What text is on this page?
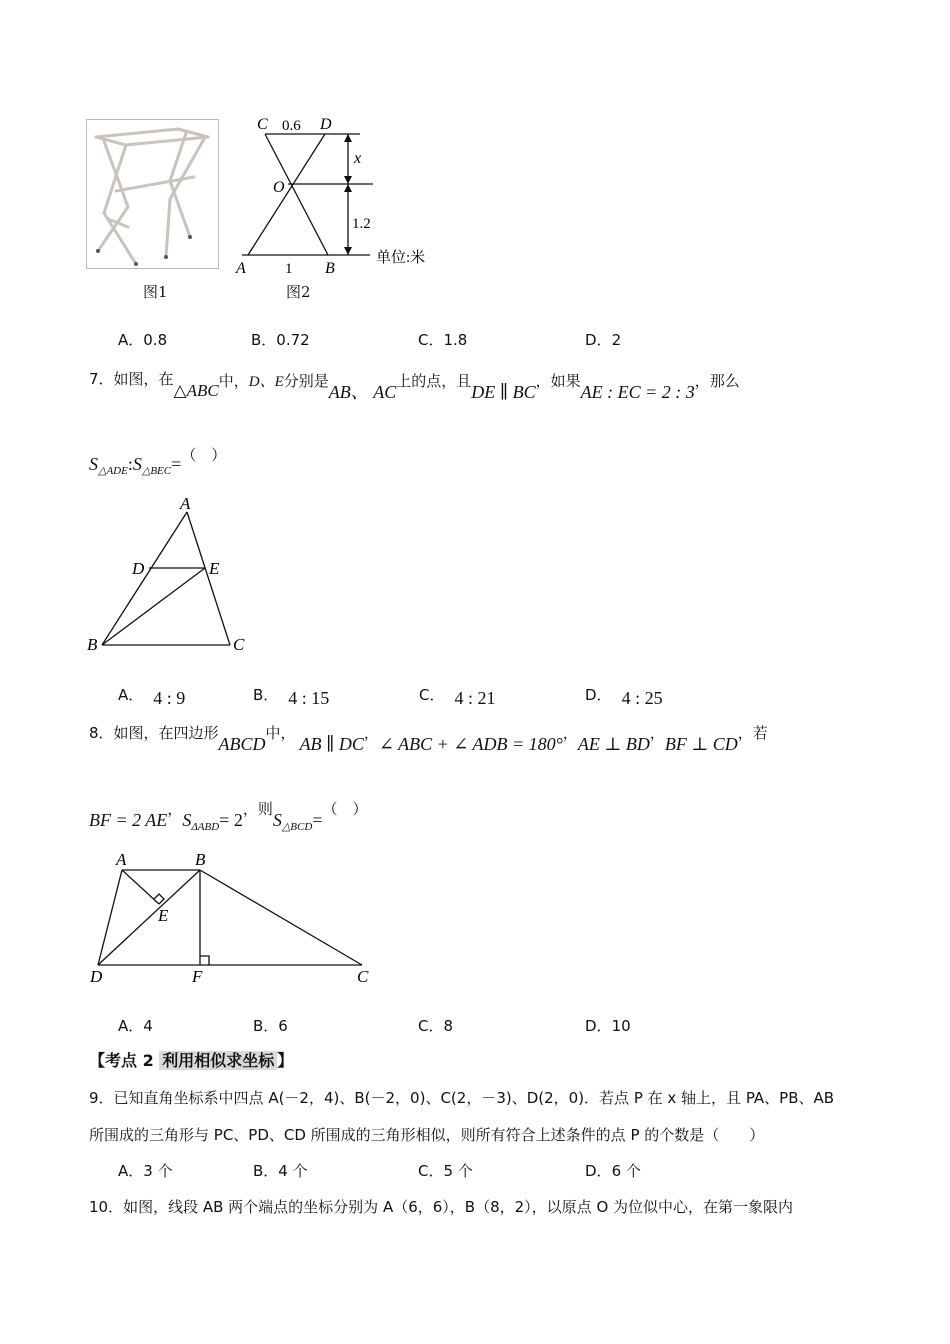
图1
C 0.6 D
x
O
1.2
A	1 B
单位:米
图2
A．0.8	B．0.72	C．1.8	D．2
7．如图，在△ABC中，D、E分别是AB、 AC上的点，且DE ∥ BC，如果AE : EC = 2 : 3，那么
$S_{\triangle ADE}:S_{\triangle BEC}=$（　）
A
D	E
B	C
A． 4 : 9	B． 4 : 15	C． 4 : 21	D． 4 : 25
8．如图，在四边形ABCD中，AB ∥ DC，∠ ABC + ∠ ADB = 180°，AE ⊥ BD，BF ⊥ CD，若
BF = 2 AE，$S_{\Delta ABD}= 2$，则$S_{\triangle BCD}=$（　）
A	B
E
D	F	C
A．4	B．6	C．8	D．10
【考点 2 利用相似求坐标 】
9．已知直角坐标系中四点 A(－2，4)、B(－2，0)、C(2，－3)、D(2，0)．若点 P 在 x 轴上，且 PA、PB、AB
所围成的三角形与 PC、PD、CD 所围成的三角形相似，则所有符合上述条件的点 P 的个数是（　　）
A．3 个	B．4 个	C．5 个	D．6 个
10．如图，线段 AB 两个端点的坐标分别为 A（6，6），B（8，2），以原点 O 为位似中心，在第一象限内
